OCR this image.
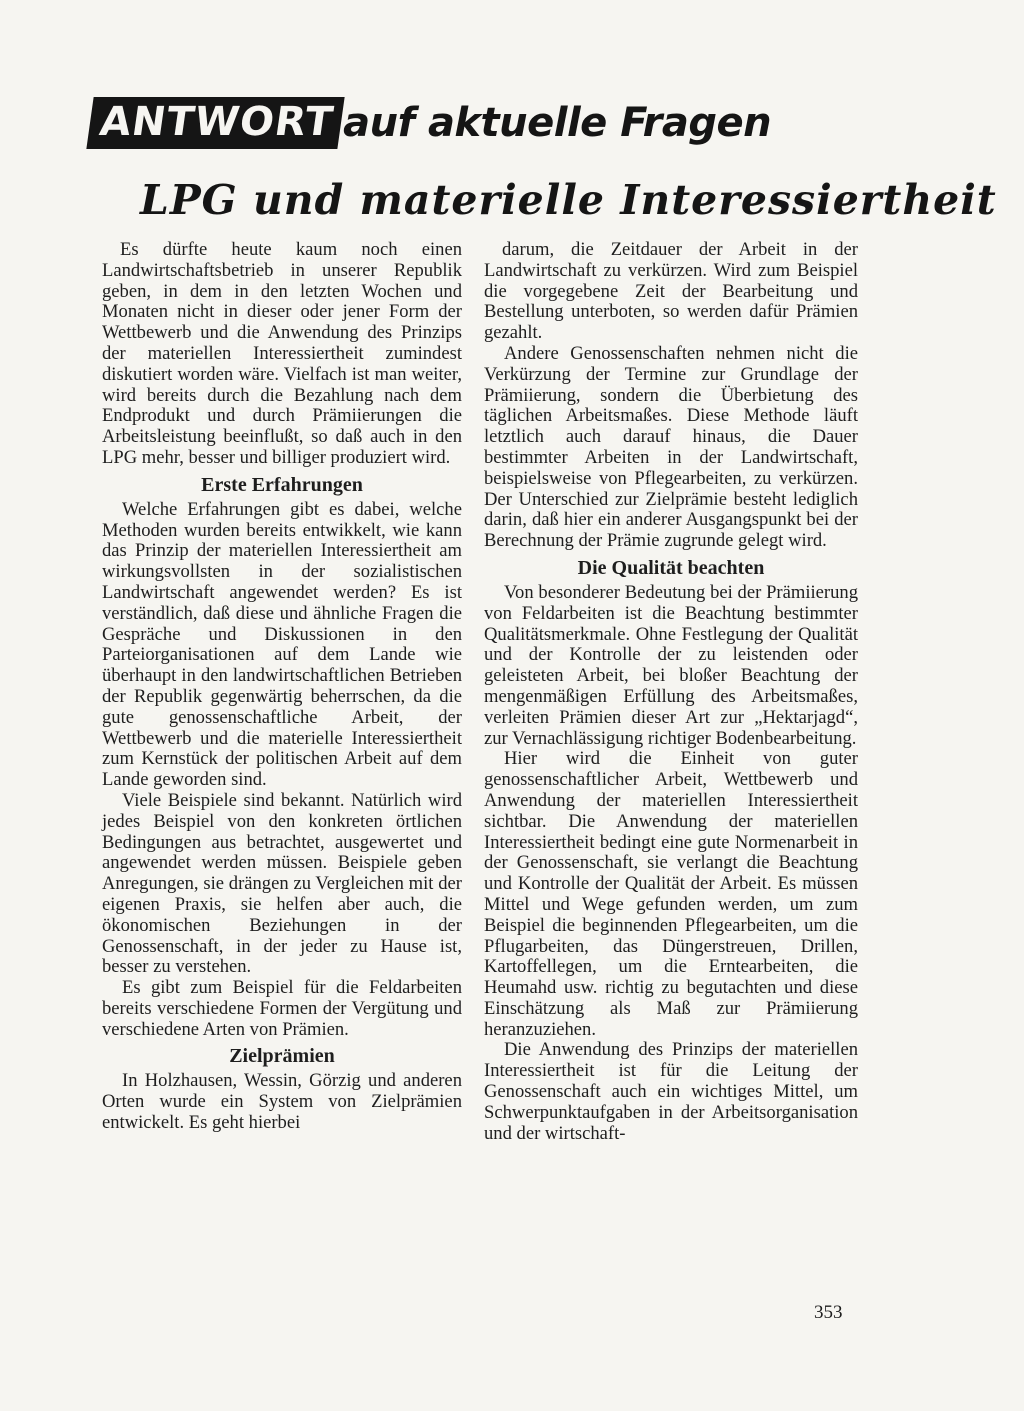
ANTWORT auf aktuelle Fragen
LPG und materielle Interessiertheit

Es dürfte heute kaum noch einen Landwirtschaftsbetrieb in unserer Republik geben, in dem in den letzten Wochen und Monaten nicht in dieser oder jener Form der Wettbewerb und die Anwendung des Prinzips der materiellen Interessiertheit zumindest diskutiert worden wäre. Vielfach ist man weiter, wird bereits durch die Bezahlung nach dem Endprodukt und durch Prämiierungen die Arbeitsleistung beeinflußt, so daß auch in den LPG mehr, besser und billiger produziert wird.

Erste Erfahrungen

Welche Erfahrungen gibt es dabei, welche Methoden wurden bereits entwikkelt, wie kann das Prinzip der materiellen Interessiertheit am wirkungsvollsten in der sozialistischen Landwirtschaft angewendet werden? Es ist verständlich, daß diese und ähnliche Fragen die Gespräche und Diskussionen in den Parteiorganisationen auf dem Lande wie überhaupt in den landwirtschaftlichen Betrieben der Republik gegenwärtig beherrschen, da die gute genossenschaftliche Arbeit, der Wettbewerb und die materielle Interessiertheit zum Kernstück der politischen Arbeit auf dem Lande geworden sind.

Viele Beispiele sind bekannt. Natürlich wird jedes Beispiel von den konkreten örtlichen Bedingungen aus betrachtet, ausgewertet und angewendet werden müssen. Beispiele geben Anregungen, sie drängen zu Vergleichen mit der eigenen Praxis, sie helfen aber auch, die ökonomischen Beziehungen in der Genossenschaft, in der jeder zu Hause ist, besser zu verstehen.

Es gibt zum Beispiel für die Feldarbeiten bereits verschiedene Formen der Vergütung und verschiedene Arten von Prämien.

Zielprämien

In Holzhausen, Wessin, Görzig und anderen Orten wurde ein System von Zielprämien entwickelt. Es geht hierbei

darum, die Zeitdauer der Arbeit in der Landwirtschaft zu verkürzen. Wird zum Beispiel die vorgegebene Zeit der Bearbeitung und Bestellung unterboten, so werden dafür Prämien gezahlt.

Andere Genossenschaften nehmen nicht die Verkürzung der Termine zur Grundlage der Prämiierung, sondern die Überbietung des täglichen Arbeitsmaßes. Diese Methode läuft letztlich auch darauf hinaus, die Dauer bestimmter Arbeiten in der Landwirtschaft, beispielsweise von Pflegearbeiten, zu verkürzen. Der Unterschied zur Zielprämie besteht lediglich darin, daß hier ein anderer Ausgangspunkt bei der Berechnung der Prämie zugrunde gelegt wird.

Die Qualität beachten

Von besonderer Bedeutung bei der Prämiierung von Feldarbeiten ist die Beachtung bestimmter Qualitätsmerkmale. Ohne Festlegung der Qualität und der Kontrolle der zu leistenden oder geleisteten Arbeit, bei bloßer Beachtung der mengenmäßigen Erfüllung des Arbeitsmaßes, verleiten Prämien dieser Art zur „Hektarjagd“, zur Vernachlässigung richtiger Bodenbearbeitung.

Hier wird die Einheit von guter genossenschaftlicher Arbeit, Wettbewerb und Anwendung der materiellen Interessiertheit sichtbar. Die Anwendung der materiellen Interessiertheit bedingt eine gute Normenarbeit in der Genossenschaft, sie verlangt die Beachtung und Kontrolle der Qualität der Arbeit. Es müssen Mittel und Wege gefunden werden, um zum Beispiel die beginnenden Pflegearbeiten, um die Pflugarbeiten, das Düngerstreuen, Drillen, Kartoffellegen, um die Erntearbeiten, die Heumahd usw. richtig zu begutachten und diese Einschätzung als Maß zur Prämiierung heranzuziehen.

Die Anwendung des Prinzips der materiellen Interessiertheit ist für die Leitung der Genossenschaft auch ein wichtiges Mittel, um Schwerpunktaufgaben in der Arbeitsorganisation und der wirtschaft-

353
